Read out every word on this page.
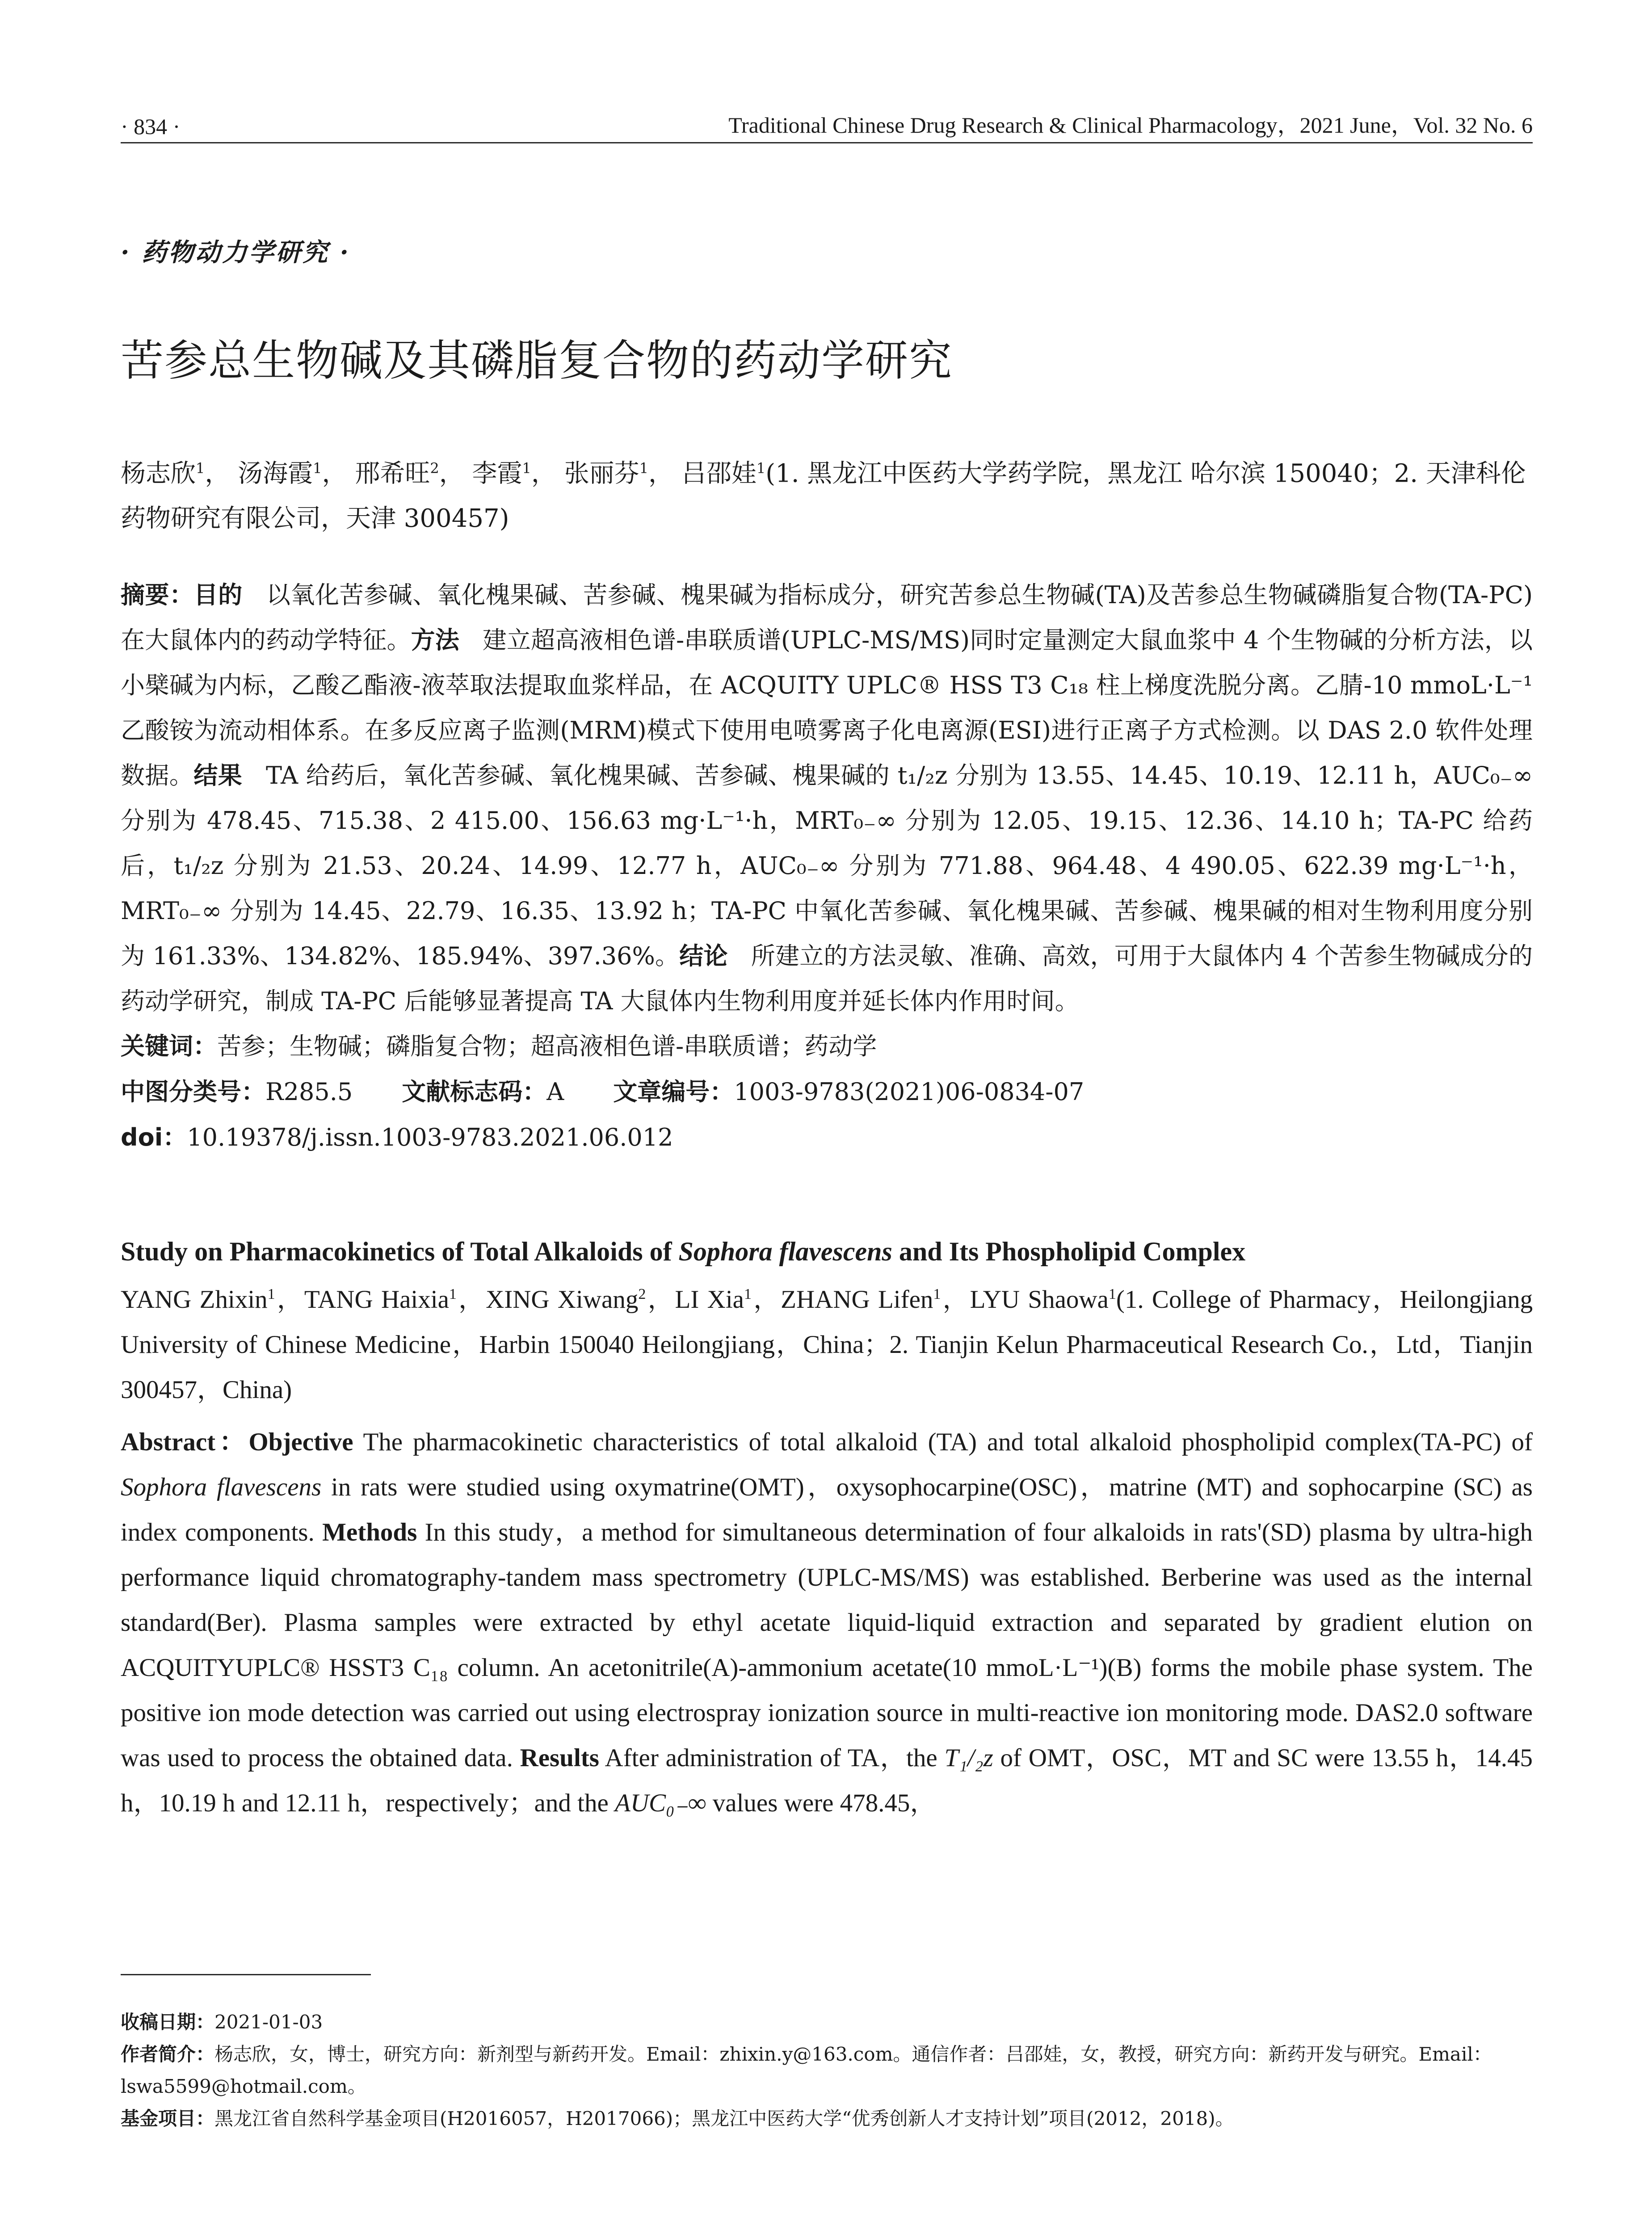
· 834 ·	Traditional Chinese Drug Research & Clinical Pharmacology，2021 June，Vol. 32 No. 6
· 药物动力学研究 ·
苦参总生物碱及其磷脂复合物的药动学研究
杨志欣$^1$， 汤海霞$^1$， 邢希旺$^2$， 李霞$^1$， 张丽芬$^1$， 吕邵娃$^1$(1. 黑龙江中医药大学药学院，黑龙江 哈尔滨 150040；2. 天津科伦药物研究有限公司，天津 300457)
摘要：目的 以氧化苦参碱、氧化槐果碱、苦参碱、槐果碱为指标成分，研究苦参总生物碱(TA)及苦参总生物碱磷脂复合物(TA-PC)在大鼠体内的药动学特征。方法 建立超高液相色谱-串联质谱(UPLC-MS/MS)同时定量测定大鼠血浆中 4 个生物碱的分析方法，以小檗碱为内标，乙酸乙酯液-液萃取法提取血浆样品，在 ACQUITY UPLC® HSS T3 C₁₈ 柱上梯度洗脱分离。乙腈-10 mmoL·L⁻¹ 乙酸铵为流动相体系。在多反应离子监测(MRM)模式下使用电喷雾离子化电离源(ESI)进行正离子方式检测。以 DAS 2.0 软件处理数据。结果 TA 给药后，氧化苦参碱、氧化槐果碱、苦参碱、槐果碱的 t₁/₂z 分别为 13.55、14.45、10.19、12.11 h，AUC₀₋∞ 分别为 478.45、715.38、2 415.00、156.63 mg·L⁻¹·h，MRT₀₋∞ 分别为 12.05、19.15、12.36、14.10 h；TA-PC 给药后，t₁/₂z 分别为 21.53、20.24、14.99、12.77 h，AUC₀₋∞ 分别为 771.88、964.48、4 490.05、622.39 mg·L⁻¹·h，MRT₀₋∞ 分别为 14.45、22.79、16.35、13.92 h；TA-PC 中氧化苦参碱、氧化槐果碱、苦参碱、槐果碱的相对生物利用度分别为 161.33%、134.82%、185.94%、397.36%。结论 所建立的方法灵敏、准确、高效，可用于大鼠体内 4 个苦参生物碱成分的药动学研究，制成 TA-PC 后能够显著提高 TA 大鼠体内生物利用度并延长体内作用时间。
关键词：苦参；生物碱；磷脂复合物；超高液相色谱-串联质谱；药动学
中图分类号：R285.5 文献标志码：A 文章编号：1003-9783(2021)06-0834-07
doi：10.19378/j.issn.1003-9783.2021.06.012
Study on Pharmacokinetics of Total Alkaloids of Sophora flavescens and Its Phospholipid Complex
YANG Zhixin$^1$，TANG Haixia$^1$，XING Xiwang$^2$，LI Xia$^1$，ZHANG Lifen$^1$，LYU Shaowa$^1$(1. College of Pharmacy，Heilongjiang University of Chinese Medicine，Harbin 150040 Heilongjiang，China；2. Tianjin Kelun Pharmaceutical Research Co.，Ltd，Tianjin 300457，China)
Abstract：Objective The pharmacokinetic characteristics of total alkaloid (TA) and total alkaloid phospholipid complex(TA-PC) of Sophora flavescens in rats were studied using oxymatrine(OMT)，oxysophocarpine(OSC)，matrine (MT) and sophocarpine (SC) as index components. Methods In this study，a method for simultaneous determination of four alkaloids in rats'(SD) plasma by ultra-high performance liquid chromatography-tandem mass spectrometry (UPLC-MS/MS) was established. Berberine was used as the internal standard(Ber). Plasma samples were extracted by ethyl acetate liquid-liquid extraction and separated by gradient elution on ACQUITYUPLC® HSST3 C₁₈ column. An acetonitrile(A)-ammonium acetate(10 mmoL·L⁻¹)(B) forms the mobile phase system. The positive ion mode detection was carried out using electrospray ionization source in multi-reactive ion monitoring mode. DAS2.0 software was used to process the obtained data. Results After administration of TA，the T₁/₂z of OMT，OSC，MT and SC were 13.55 h，14.45 h，10.19 h and 12.11 h，respectively；and the AUC₀₋∞ values were 478.45，
收稿日期：2021-01-03
作者简介：杨志欣，女，博士，研究方向：新剂型与新药开发。Email：zhixin.y@163.com。通信作者：吕邵娃，女，教授，研究方向：新药开发与研究。Email：lswa5599@hotmail.com。
基金项目：黑龙江省自然科学基金项目(H2016057，H2017066)；黑龙江中医药大学“优秀创新人才支持计划”项目(2012，2018)。
